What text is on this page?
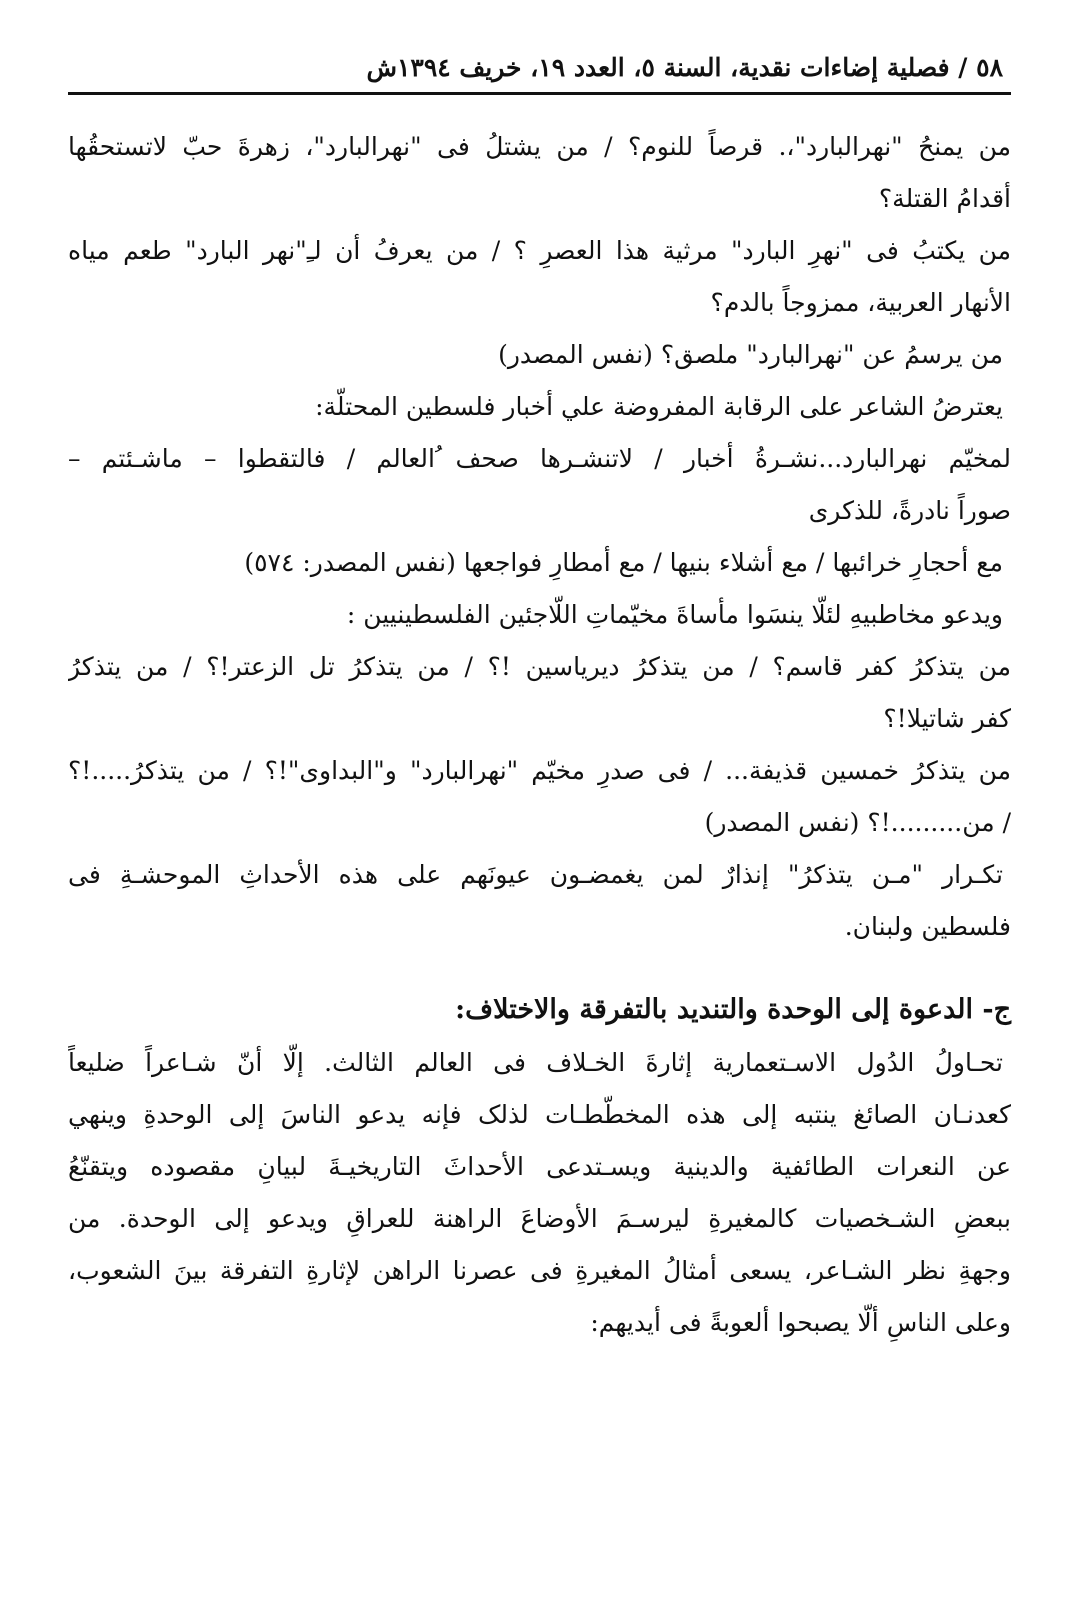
٥٨ / فصلية إضاءات نقدية، السنة ٥، العدد ١٩، خريف ١٣٩٤ش
من يمنحُ "نهرالبارد"،. قرصاً للنوم؟ / من يشتلُ فى "نهرالبارد"، زهرةَ حبّ لاتستحقُها
أقدامُ القتلة؟
من يكتبُ فى "نهرِ البارد" مرثية هذا العصرِ ؟ / من يعرفُ أن لـِ"نهر البارد" طعم مياه
الأنهار العربية، ممزوجاً بالدم؟
من يرسمُ عن "نهرالبارد" ملصق؟ (نفس المصدر)
يعترضُ الشاعر على الرقابة المفروضة علي أخبار فلسطين المحتلّة:
لمخيّم نهرالبارد...نشـرةُ أخبار / لاتنشـرها صحف ُالعالم / فالتقطوا – ماشـئتم –
صوراً نادرةً، للذكرى
مع أحجارِ خرائبها / مع أشلاء بنيها / مع أمطارِ فواجعها (نفس المصدر: ٥٧٤)
ويدعو مخاطبيهِ لئلّا ينسَوا مأساةَ مخيّماتِ اللّاجئين الفلسطينيين :
من يتذكرُ كفر قاسم؟ / من يتذكرُ ديرياسين !؟ / من يتذكرُ تل الزعتر!؟ / من يتذكرُ
كفر شاتيلا!؟
من يتذكرُ خمسين قذيفة... / فى صدرِ مخيّم "نهرالبارد" و"البداوى"!؟ / من يتذكرُ.....!؟
/ من.........!؟ (نفس المصدر)
تكـرار "مـن يتذكرُ" إنذارٌ لمن يغمضـون عيونَهم على هذه الأحداثِ الموحشـةِ فى
فلسطين ولبنان.
ج- الدعوة إلى الوحدة والتنديد بالتفرقة والاختلاف:
تحـاولُ الدُول الاسـتعمارية إثارةَ الخـلاف فى العالم الثالث. إلّا أنّ شـاعراً ضليعاً
كعدنـان الصائغ ينتبه إلى هذه المخطّطـات لذلک فإنه يدعو الناسَ إلى الوحدةِ وينهي
عن النعرات الطائفية والدينية ويسـتدعى الأحداثَ التاريخيـةَ لبيانِ مقصوده ويتقنّعُ
ببعضِ الشـخصيات كالمغيرةِ ليرسـمَ الأوضاعَ الراهنة للعراقِ ويدعو إلى الوحدة. من
وجهةِ نظر الشـاعر، يسعى أمثالُ المغيرةِ فى عصرنا الراهن لإثارةِ التفرقة بينَ الشعوب،
وعلى الناسِ ألّا يصبحوا ألعوبةً فى أيديهم:
